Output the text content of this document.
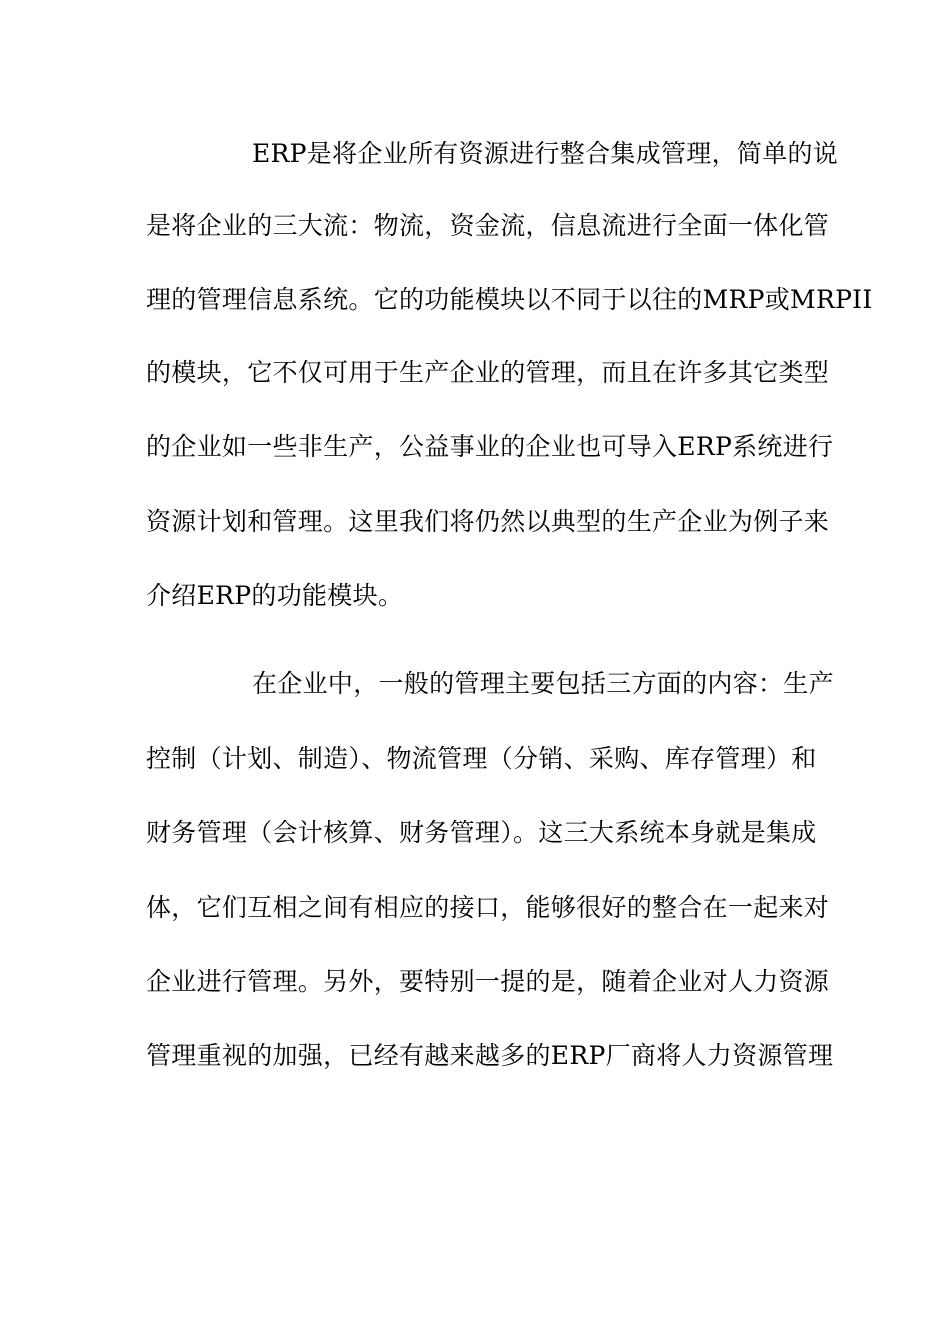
ERP是将企业所有资源进行整合集成管理，简单的说
是将企业的三大流：物流，资金流，信息流进行全面一体化管
理的管理信息系统。它的功能模块以不同于以往的MRP或MRPII
的模块，它不仅可用于生产企业的管理，而且在许多其它类型
的企业如一些非生产，公益事业的企业也可导入ERP系统进行
资源计划和管理。这里我们将仍然以典型的生产企业为例子来
介绍ERP的功能模块。
在企业中，一般的管理主要包括三方面的内容：生产
控制（计划、制造）、物流管理（分销、采购、库存管理）和
财务管理（会计核算、财务管理）。这三大系统本身就是集成
体，它们互相之间有相应的接口，能够很好的整合在一起来对
企业进行管理。另外，要特别一提的是，随着企业对人力资源
管理重视的加强，已经有越来越多的ERP厂商将人力资源管理
